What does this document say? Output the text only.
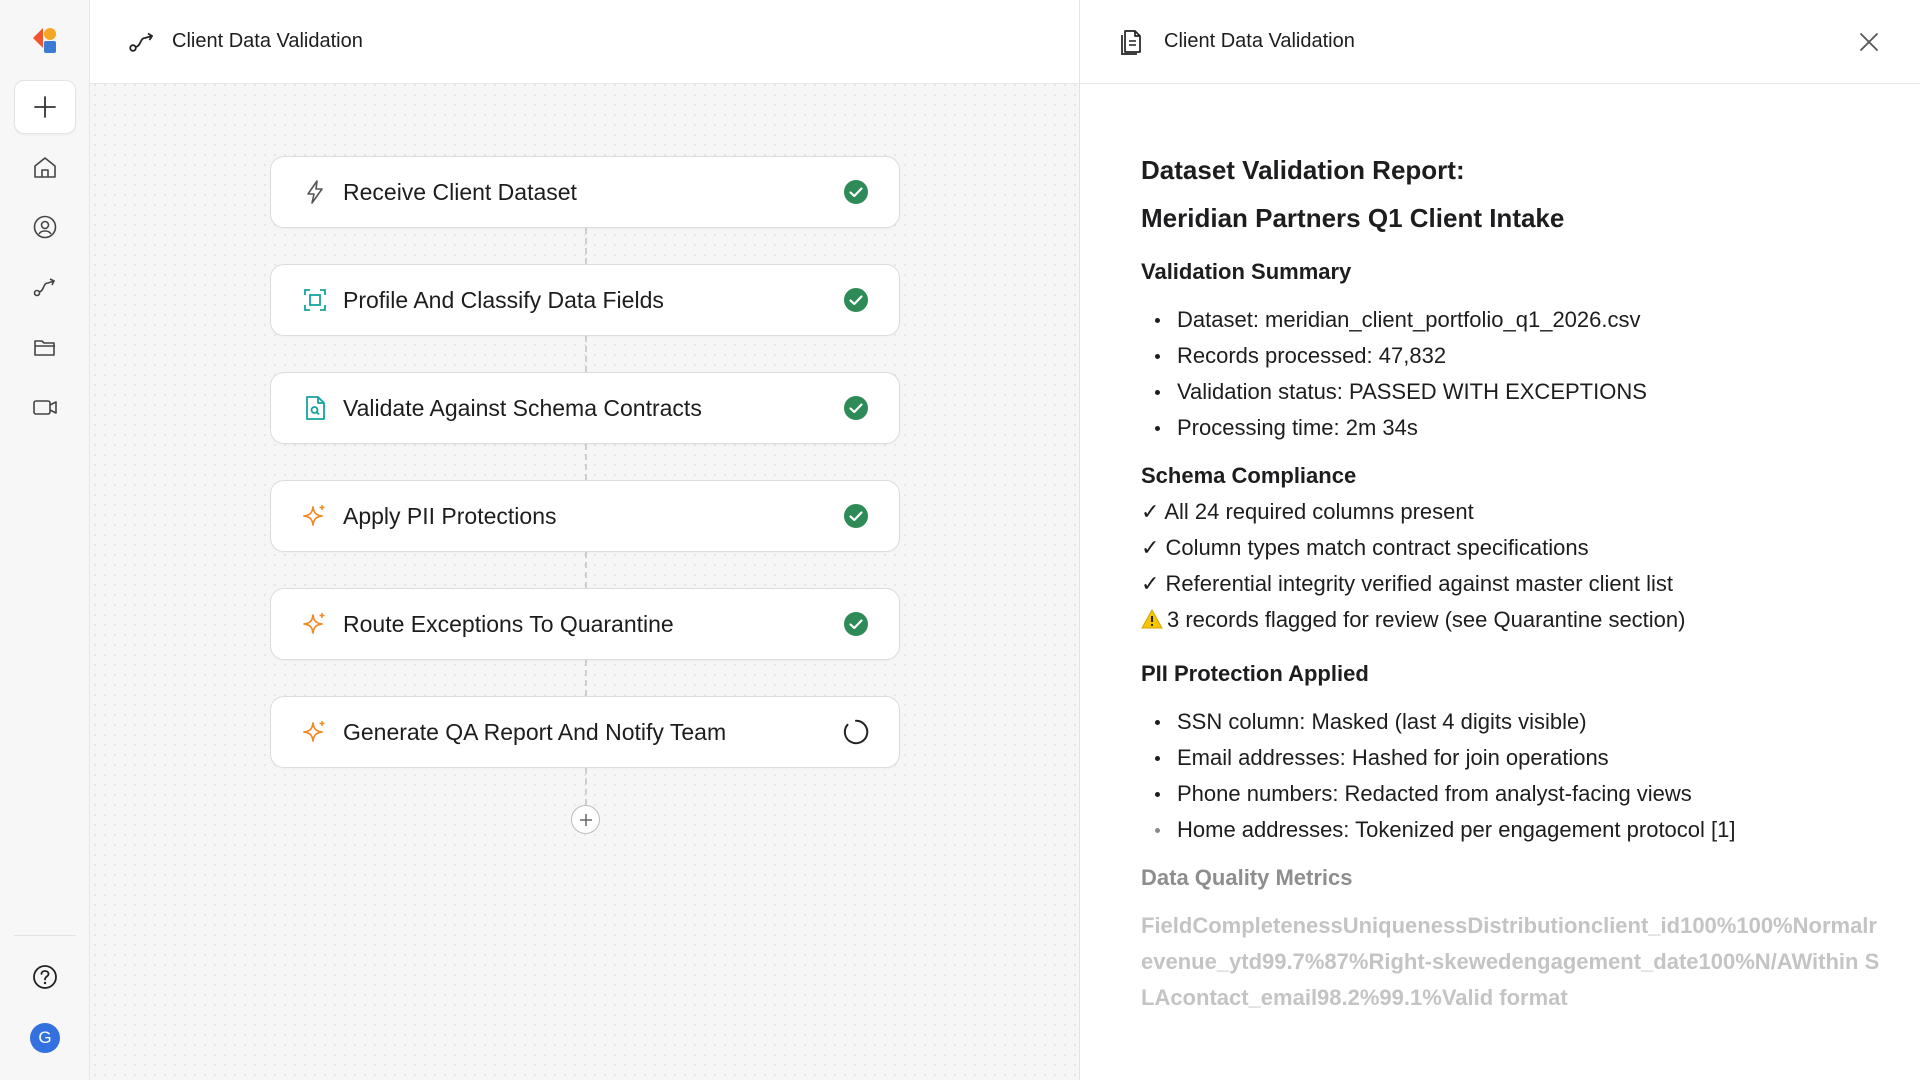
G
Client Data Validation
Receive Client Dataset
Profile And Classify Data Fields
Validate Against Schema Contracts
Apply PII Protections
Route Exceptions To Quarantine
Generate QA Report And Notify Team
Client Data Validation
Dataset Validation Report:
Meridian Partners Q1 Client Intake
Validation Summary
Dataset: meridian_client_portfolio_q1_2026.csv
Records processed: 47,832
Validation status: PASSED WITH EXCEPTIONS
Processing time: 2m 34s
Schema Compliance
✓ All 24 required columns present
✓ Column types match contract specifications
✓ Referential integrity verified against master client list
3 records flagged for review (see Quarantine section)
PII Protection Applied
SSN column: Masked (last 4 digits visible)
Email addresses: Hashed for join operations
Phone numbers: Redacted from analyst-facing views
Home addresses: Tokenized per engagement protocol [1]
Data Quality Metrics
FieldCompletenessUniquenessDistributionclient_id100%100%Normalrevenue_ytd99.7%87%Right-skewedengagement_date100%N/AWithin SLAcontact_email98.2%99.1%Valid format
